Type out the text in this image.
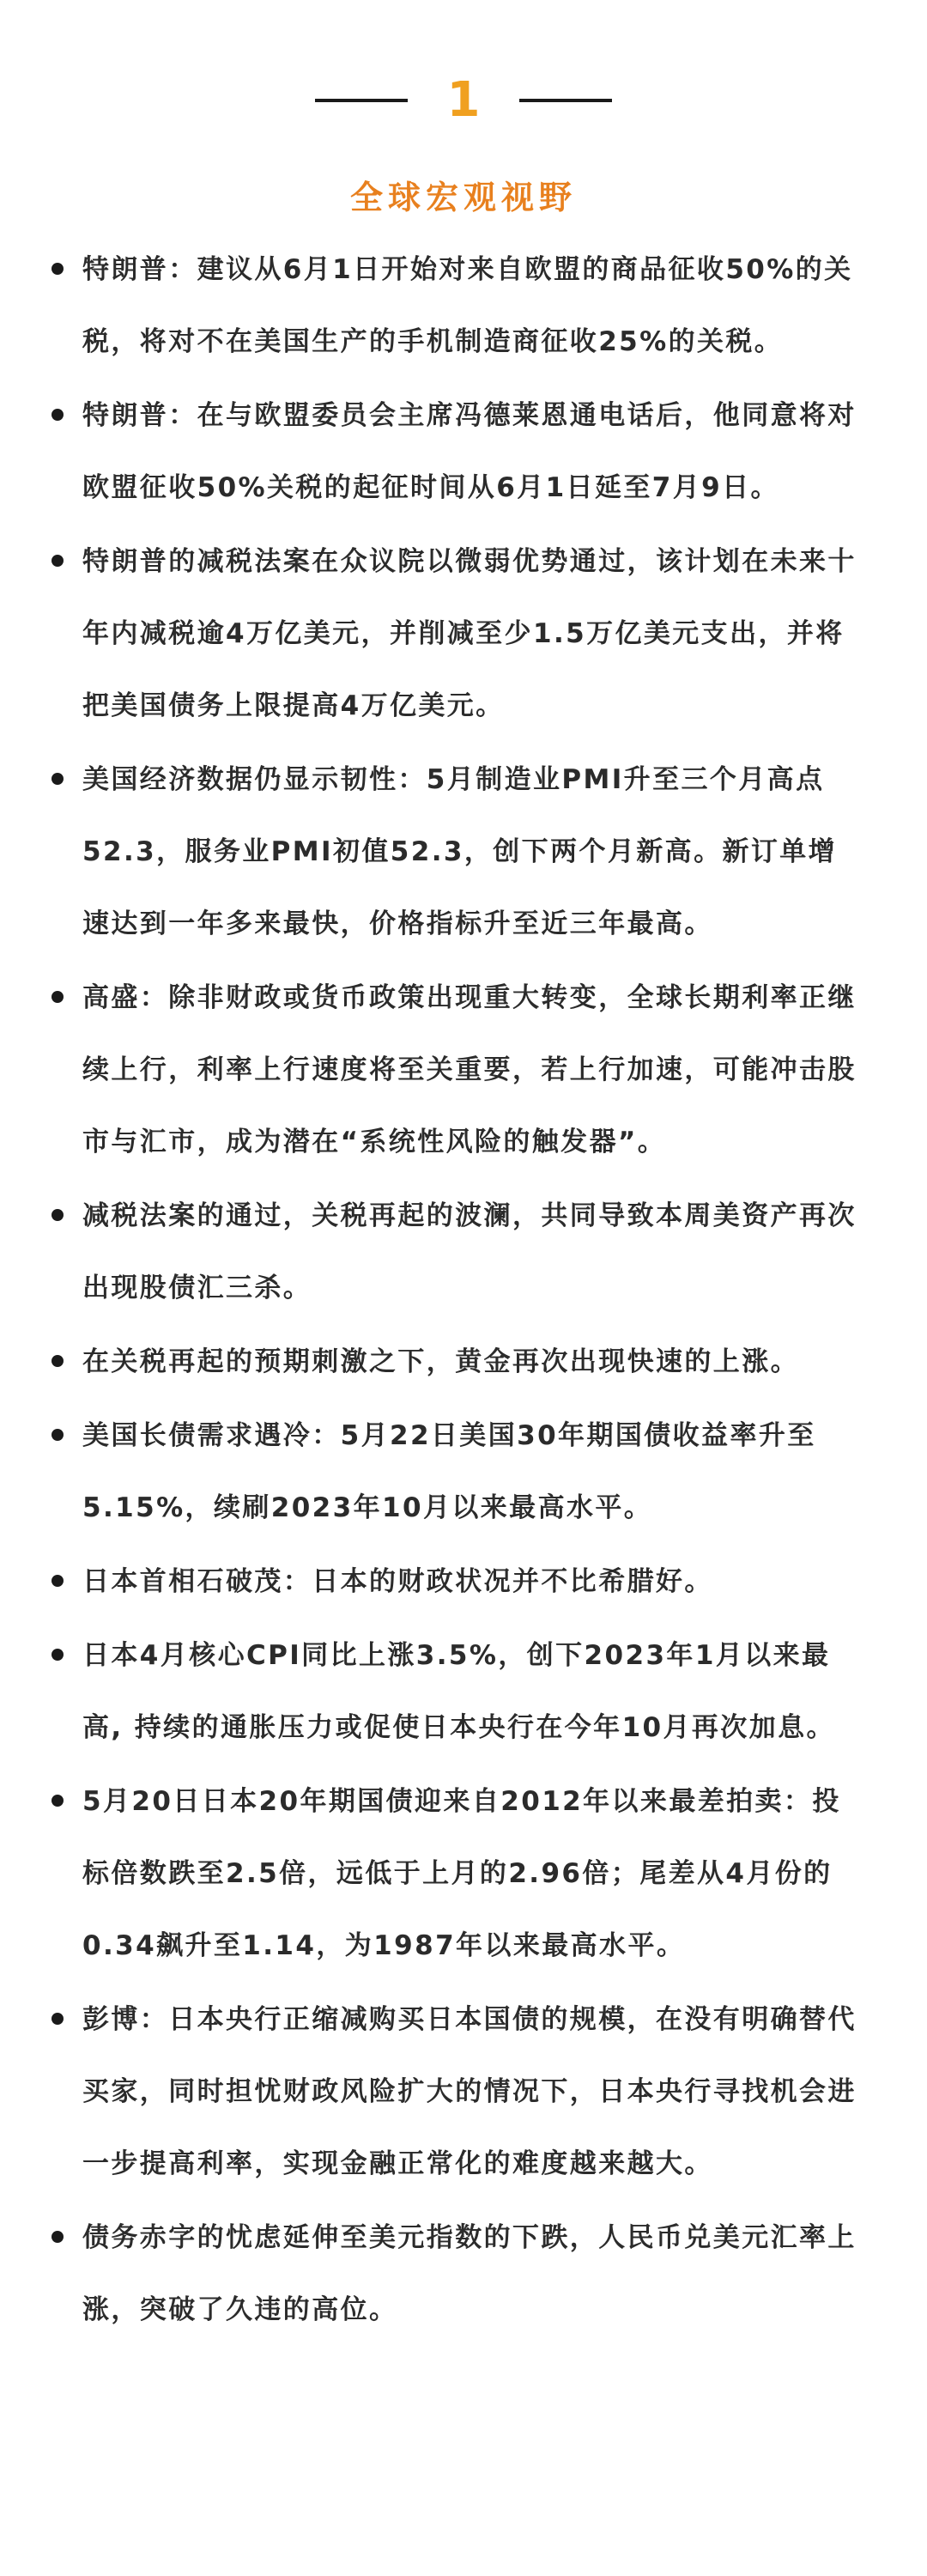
1
全球宏观视野
特朗普：建议从6月1日开始对来自欧盟的商品征收50%的关税，将对不在美国生产的手机制造商征收25%的关税。
特朗普：在与欧盟委员会主席冯德莱恩通电话后，他同意将对欧盟征收50%关税的起征时间从6月1日延至7月9日。
特朗普的减税法案在众议院以微弱优势通过，该计划在未来十年内减税逾4万亿美元，并削减至少1.5万亿美元支出，并将把美国债务上限提高4万亿美元。
美国经济数据仍显示韧性：5月制造业PMI升至三个月高点52.3，服务业PMI初值52.3，创下两个月新高。新订单增速达到一年多来最快，价格指标升至近三年最高。
高盛：除非财政或货币政策出现重大转变，全球长期利率正继续上行，利率上行速度将至关重要，若上行加速，可能冲击股市与汇市，成为潜在“系统性风险的触发器”。
减税法案的通过，关税再起的波澜，共同导致本周美资产再次出现股债汇三杀。
在关税再起的预期刺激之下，黄金再次出现快速的上涨。
美国长债需求遇冷：5月22日美国30年期国债收益率升至5.15%，续刷2023年10月以来最高水平。
日本首相石破茂：日本的财政状况并不比希腊好。
日本4月核心CPI同比上涨3.5%，创下2023年1月以来最高, 持续的通胀压力或促使日本央行在今年10月再次加息。
5月20日日本20年期国债迎来自2012年以来最差拍卖：投标倍数跌至2.5倍，远低于上月的2.96倍；尾差从4月份的0.34飙升至1.14，为1987年以来最高水平。
彭博：日本央行正缩减购买日本国债的规模，在没有明确替代买家，同时担忧财政风险扩大的情况下，日本央行寻找机会进一步提高利率，实现金融正常化的难度越来越大。
债务赤字的忧虑延伸至美元指数的下跌，人民币兑美元汇率上涨，突破了久违的高位。
